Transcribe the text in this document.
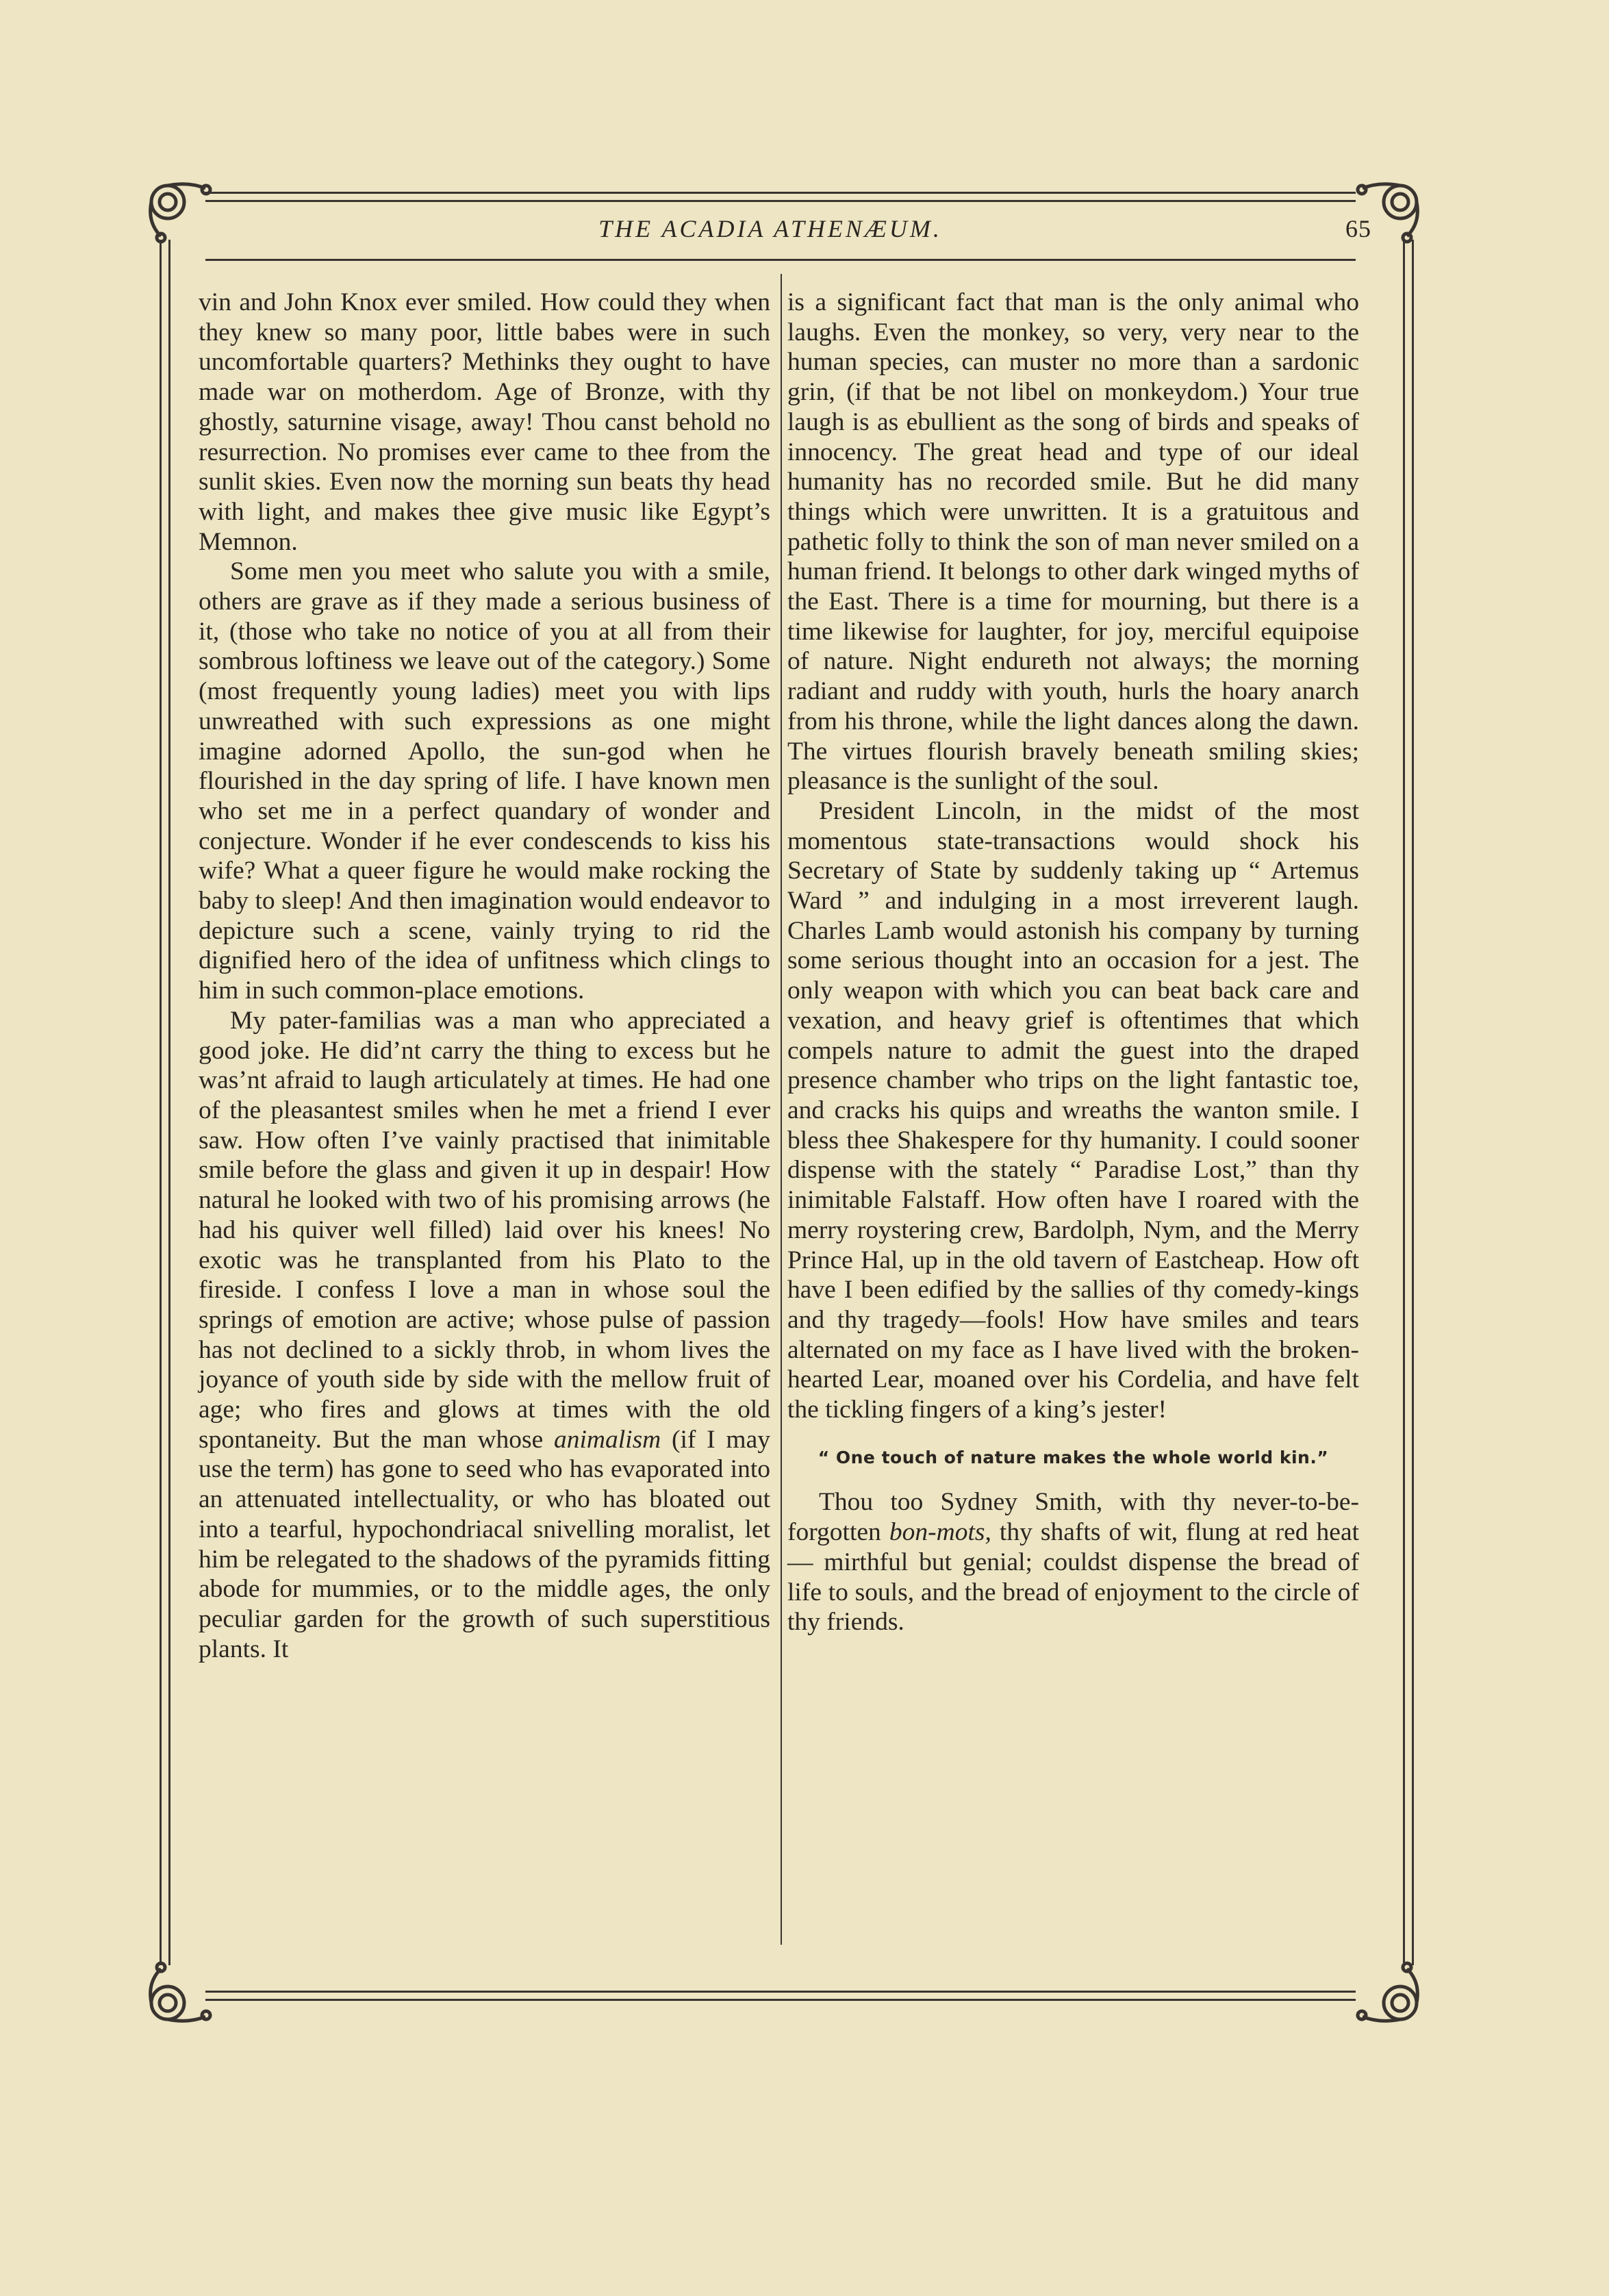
THE ACADIA ATHENÆUM.	65

vin and John Knox ever smiled. How could they when they knew so many poor, little babes were in such uncomfortable quarters? Methinks they ought to have made war on motherdom. Age of Bronze, with thy ghostly, saturnine visage, away! Thou canst behold no resurrection. No promises ever came to thee from the sunlit skies. Even now the morning sun beats thy head with light, and makes thee give music like Egypt’s Memnon.

Some men you meet who salute you with a smile, others are grave as if they made a serious business of it, (those who take no notice of you at all from their sombrous loftiness we leave out of the category.) Some (most frequently young ladies) meet you with lips unwreathed with such expressions as one might imagine adorned Apollo, the sun-god when he flourished in the day spring of life. I have known men who set me in a perfect quandary of wonder and conjecture. Wonder if he ever condescends to kiss his wife? What a queer figure he would make rocking the baby to sleep! And then imagination would endeavor to depicture such a scene, vainly trying to rid the dignified hero of the idea of unfitness which clings to him in such common-place emotions.

My pater-familias was a man who appreciated a good joke. He did’nt carry the thing to excess but he was’nt afraid to laugh articulately at times. He had one of the pleasantest smiles when he met a friend I ever saw. How often I’ve vainly practised that inimitable smile before the glass and given it up in despair! How natural he looked with two of his promising arrows (he had his quiver well filled) laid over his knees! No exotic was he transplanted from his Plato to the fireside. I confess I love a man in whose soul the springs of emotion are active; whose pulse of passion has not declined to a sickly throb, in whom lives the joyance of youth side by side with the mellow fruit of age; who fires and glows at times with the old spontaneity. But the man whose animalism (if I may use the term) has gone to seed who has evaporated into an attenuated intellectuality, or who has bloated out into a tearful, hypochondriacal snivelling moralist, let him be relegated to the shadows of the pyramids fitting abode for mummies, or to the middle ages, the only peculiar garden for the growth of such superstitious plants. It

is a significant fact that man is the only animal who laughs. Even the monkey, so very, very near to the human species, can muster no more than a sardonic grin, (if that be not libel on monkeydom.) Your true laugh is as ebullient as the song of birds and speaks of innocency. The great head and type of our ideal humanity has no recorded smile. But he did many things which were unwritten. It is a gratuitous and pathetic folly to think the son of man never smiled on a human friend. It belongs to other dark winged myths of the East. There is a time for mourning, but there is a time likewise for laughter, for joy, merciful equipoise of nature. Night endureth not always; the morning radiant and ruddy with youth, hurls the hoary anarch from his throne, while the light dances along the dawn. The virtues flourish bravely beneath smiling skies; pleasance is the sunlight of the soul.

President Lincoln, in the midst of the most momentous state-transactions would shock his Secretary of State by suddenly taking up “ Artemus Ward ” and indulging in a most irreverent laugh. Charles Lamb would astonish his company by turning some serious thought into an occasion for a jest. The only weapon with which you can beat back care and vexation, and heavy grief is oftentimes that which compels nature to admit the guest into the draped presence chamber who trips on the light fantastic toe, and cracks his quips and wreaths the wanton smile. I bless thee Shakespere for thy humanity. I could sooner dispense with the stately “ Paradise Lost,” than thy inimitable Falstaff. How often have I roared with the merry roystering crew, Bardolph, Nym, and the Merry Prince Hal, up in the old tavern of Eastcheap. How oft have I been edified by the sallies of thy comedy-kings and thy tragedy—fools! How have smiles and tears alternated on my face as I have lived with the broken-hearted Lear, moaned over his Cordelia, and have felt the tickling fingers of a king’s jester!

“ One touch of nature makes the whole world kin.”

Thou too Sydney Smith, with thy never-to-be-forgotten bon-mots, thy shafts of wit, flung at red heat — mirthful but genial; couldst dispense the bread of life to souls, and the bread of enjoyment to the circle of thy friends.
